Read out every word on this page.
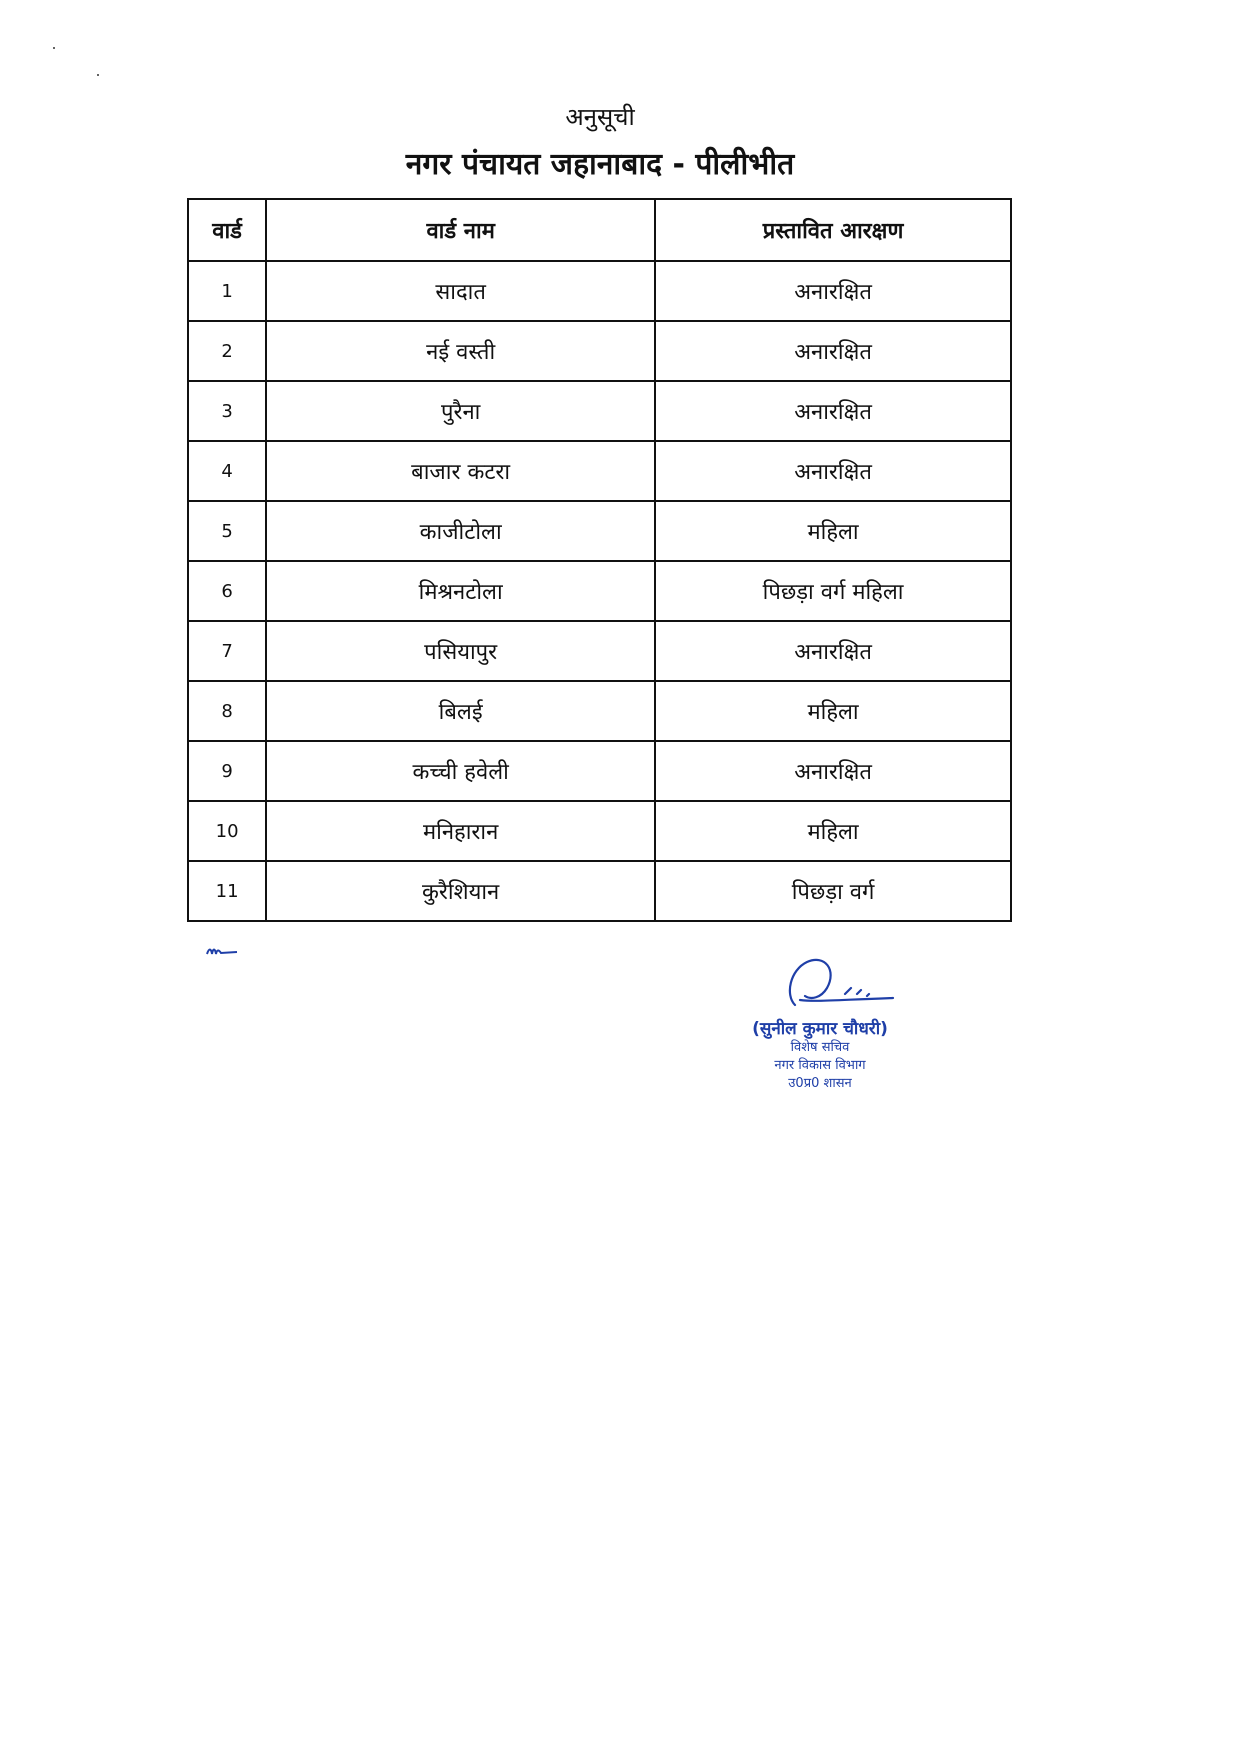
अनुसूची
नगर पंचायत जहानाबाद - पीलीभीत
वार्ड	वार्ड नाम	प्रस्तावित आरक्षण
1	सादात	अनारक्षित
2	नई वस्ती	अनारक्षित
3	पुरैना	अनारक्षित
4	बाजार कटरा	अनारक्षित
5	काजीटोला	महिला
6	मिश्रनटोला	पिछड़ा वर्ग महिला
7	पसियापुर	अनारक्षित
8	बिलई	महिला
9	कच्ची हवेली	अनारक्षित
10	मनिहारान	महिला
11	कुरैशियान	पिछड़ा वर्ग
(सुनील कुमार चौधरी)
विशेष सचिव
नगर विकास विभाग
उ0प्र0 शासन
